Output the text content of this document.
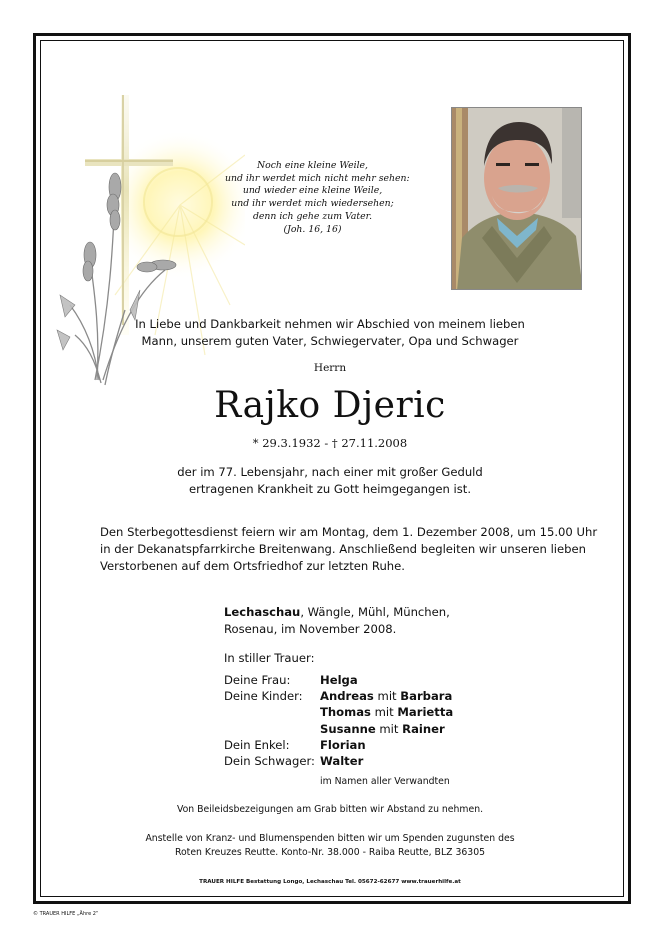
Noch eine kleine Weile,
und ihr werdet mich nicht mehr sehen:
und wieder eine kleine Weile,
und ihr werdet mich wiedersehen;
denn ich gehe zum Vater.
(Joh. 16, 16)
In Liebe und Dankbarkeit nehmen wir Abschied von meinem lieben
Mann, unserem guten Vater, Schwiegervater, Opa und Schwager
Herrn
Rajko Djeric
* 29.3.1932 - † 27.11.2008
der im 77. Lebensjahr, nach einer mit großer Geduld
ertragenen Krankheit zu Gott heimgegangen ist.
Den Sterbegottesdienst feiern wir am Montag, dem 1. Dezember 2008, um 15.00 Uhr
in der Dekanatspfarrkirche Breitenwang. Anschließend begleiten wir unseren lieben
Verstorbenen auf dem Ortsfriedhof zur letzten Ruhe.
Lechaschau, Wängle, Mühl, München,
Rosenau, im November 2008.
In stiller Trauer:
Deine Frau:	Helga
Deine Kinder: Andreas mit Barbara
Thomas mit Marietta
Susanne mit Rainer
Dein Enkel:	Florian
Dein Schwager: Walter
im Namen aller Verwandten
Von Beileidsbezeigungen am Grab bitten wir Abstand zu nehmen.
Anstelle von Kranz- und Blumenspenden bitten wir um Spenden zugunsten des
Roten Kreuzes Reutte. Konto-Nr. 38.000 - Raiba Reutte, BLZ 36305
TRAUER HILFE Bestattung Longo, Lechaschau Tel. 05672-62677 www.trauerhilfe.at
© TRAUER HILFE „Ähre 2“
